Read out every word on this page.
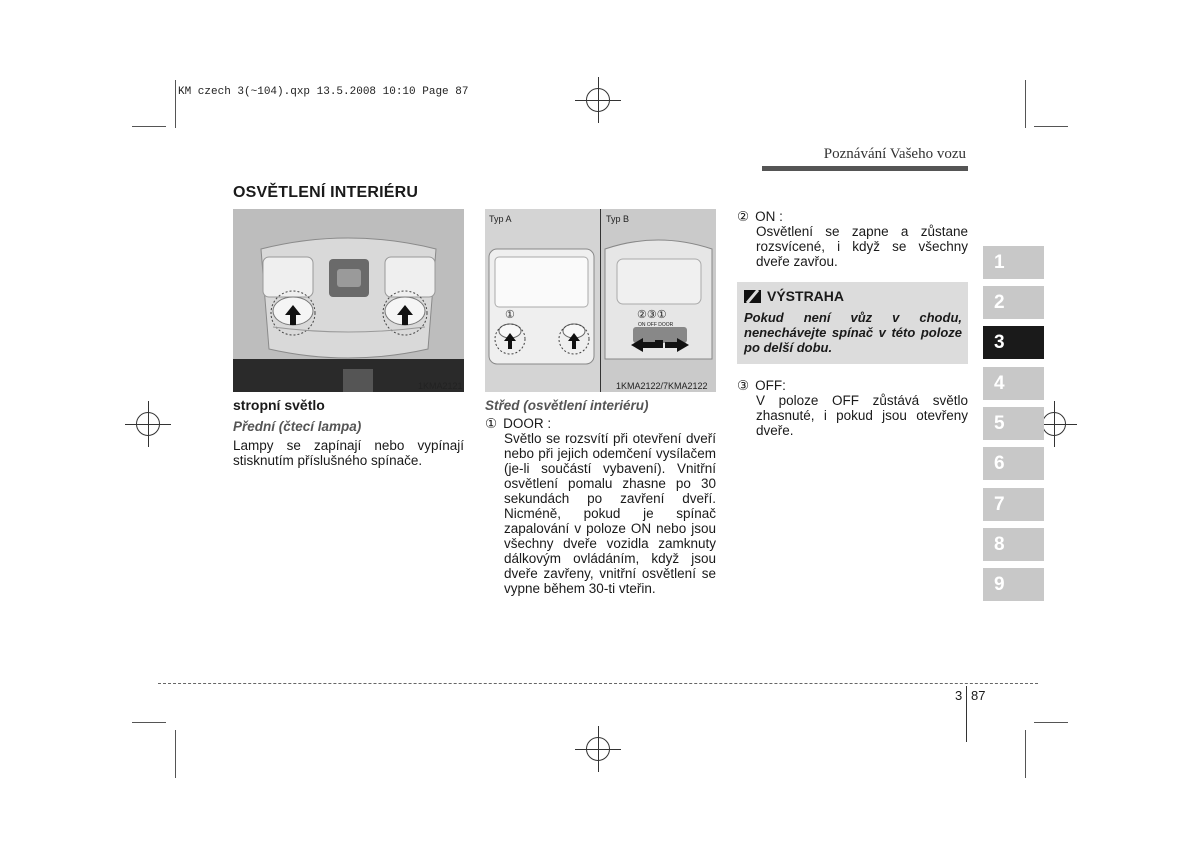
KM czech 3(~104).qxp 13.5.2008 10:10 Page 87
Poznávání Vašeho vozu
OSVĚTLENÍ INTERIÉRU
1KMA2121
Typ A	Typ B
①	②③①
ON OFF DOOR
1KMA2122/7KMA2122
stropní světlo
Přední (čtecí lampa)
Lampy se zapínají nebo vypínají stisknutím příslušného spínače.
Střed (osvětlení interiéru)
① DOOR :
Světlo se rozsvítí při otevření dveří nebo při jejich odemčení vysílačem (je-li součástí vybavení). Vnitřní osvětlení pomalu zhasne po 30 sekundách po zavření dveří. Nicméně, pokud je spínač zapalování v poloze ON nebo jsou všechny dveře vozidla zamknuty dálkovým ovládáním, když jsou dveře zavřeny, vnitřní osvětlení se vypne během 30-ti vteřin.
② ON :
Osvětlení se zapne a zůstane rozsvícené, i když se všechny dveře zavřou.
VÝSTRAHA
Pokud není vůz v chodu, nenechávejte spínač v této poloze po delší dobu.
③ OFF:
V poloze OFF zůstává světlo zhasnuté, i pokud jsou otevřeny dveře.
1
2
3
4
5
6
7
8
9
3 87
